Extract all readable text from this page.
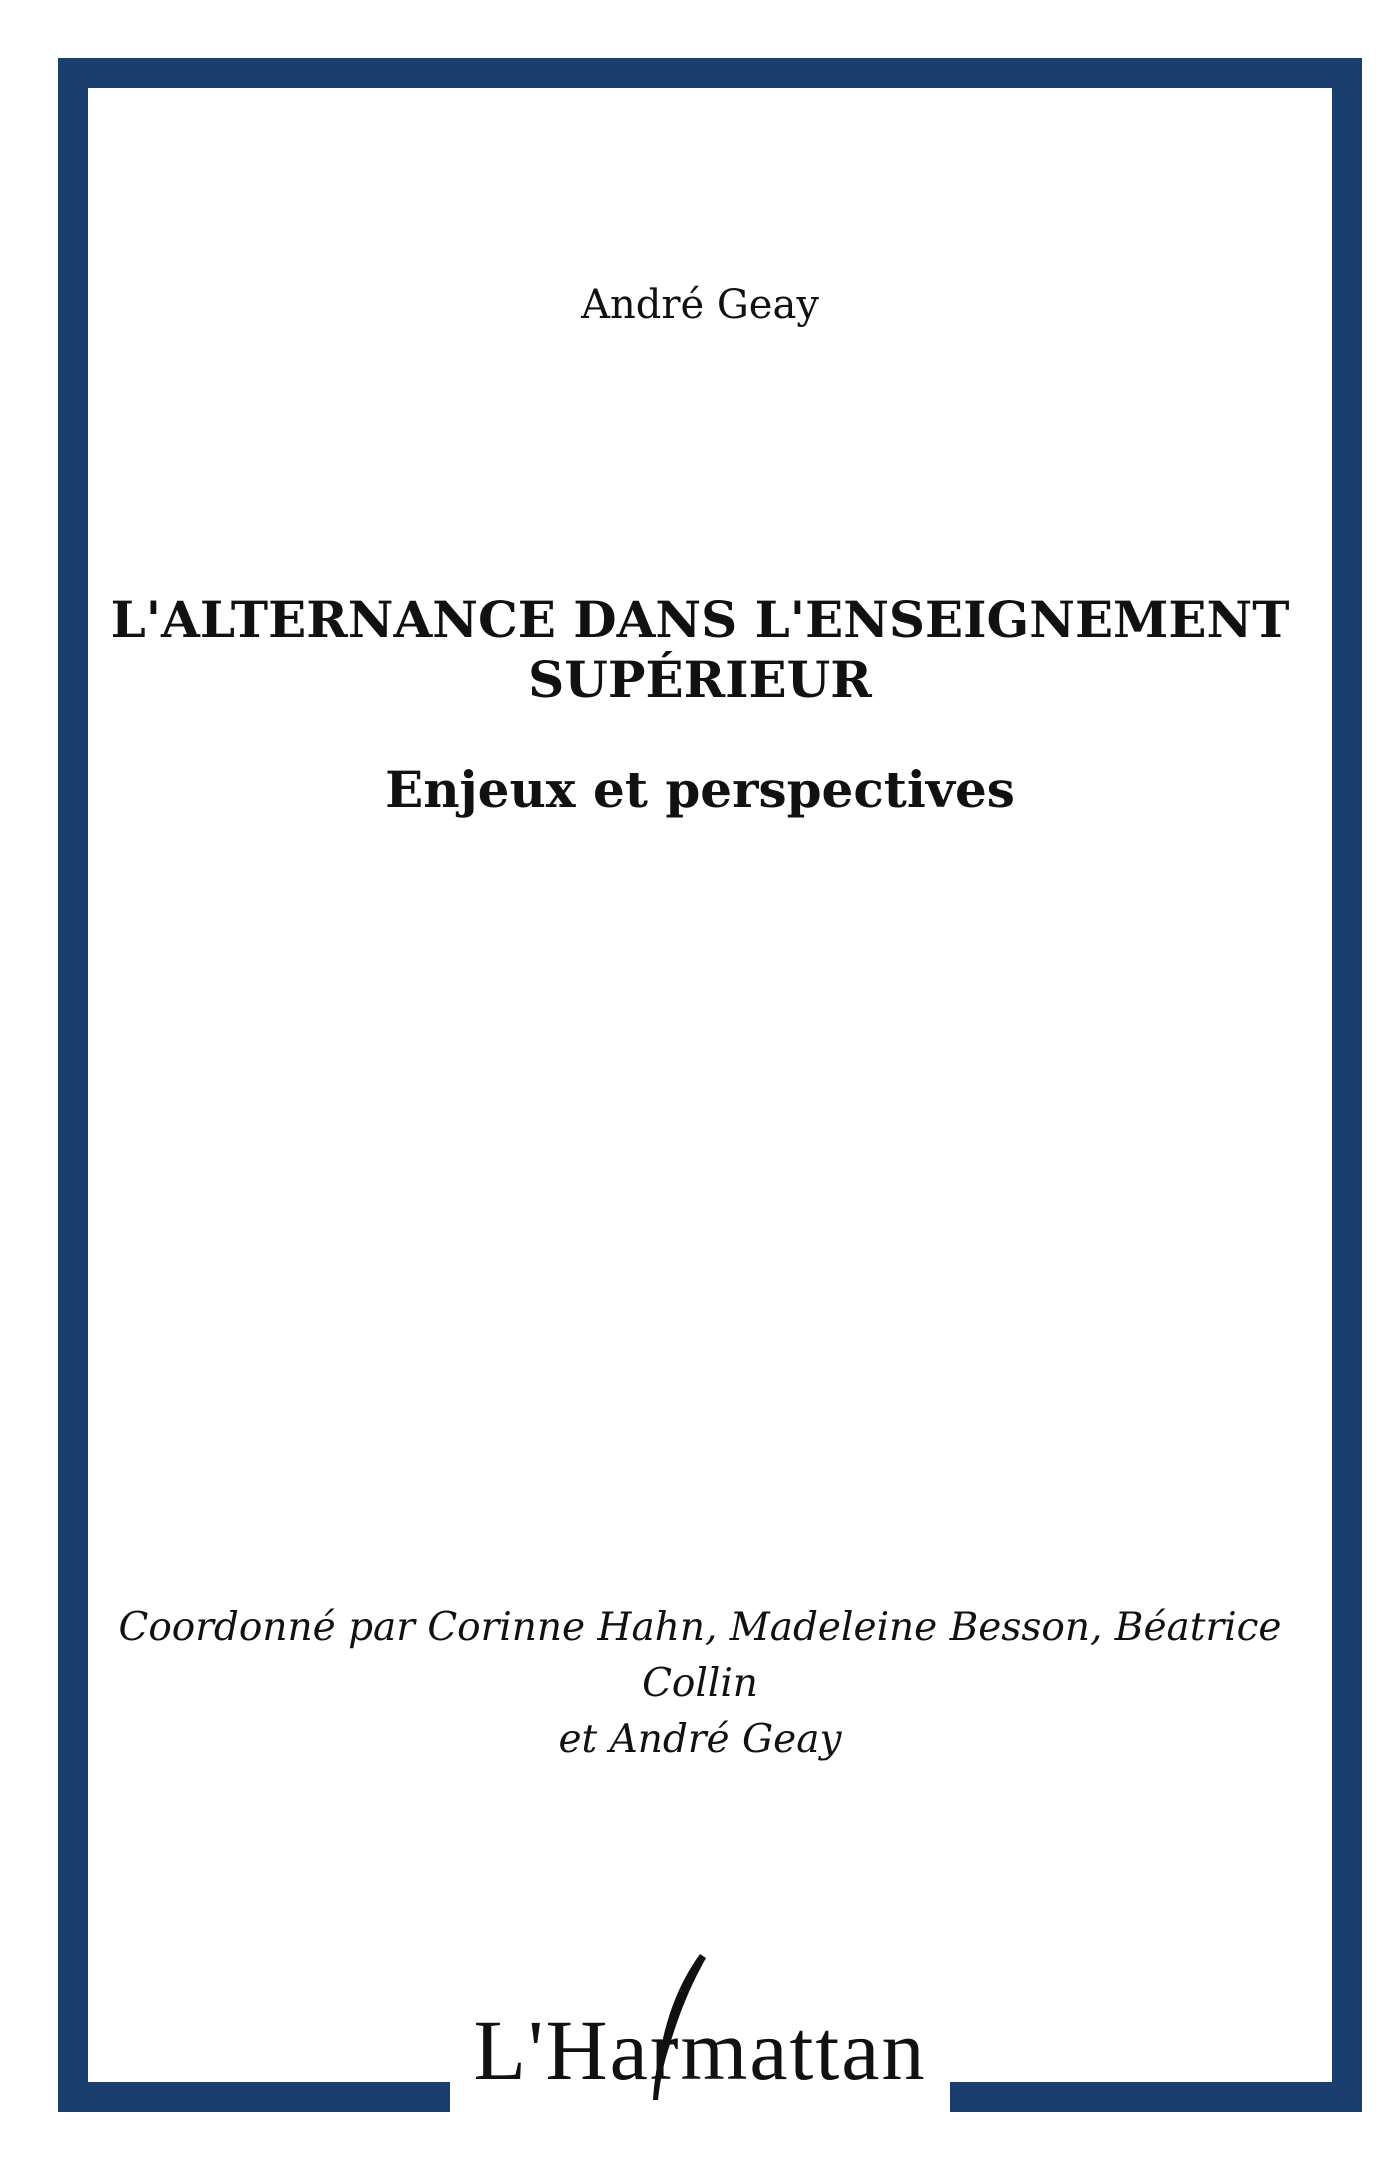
André Geay
L'ALTERNANCE DANS L'ENSEIGNEMENT
SUPÉRIEUR
Enjeux et perspectives
Coordonné par Corinne Hahn, Madeleine Besson, Béatrice Collin
et André Geay
L'Harmattan
